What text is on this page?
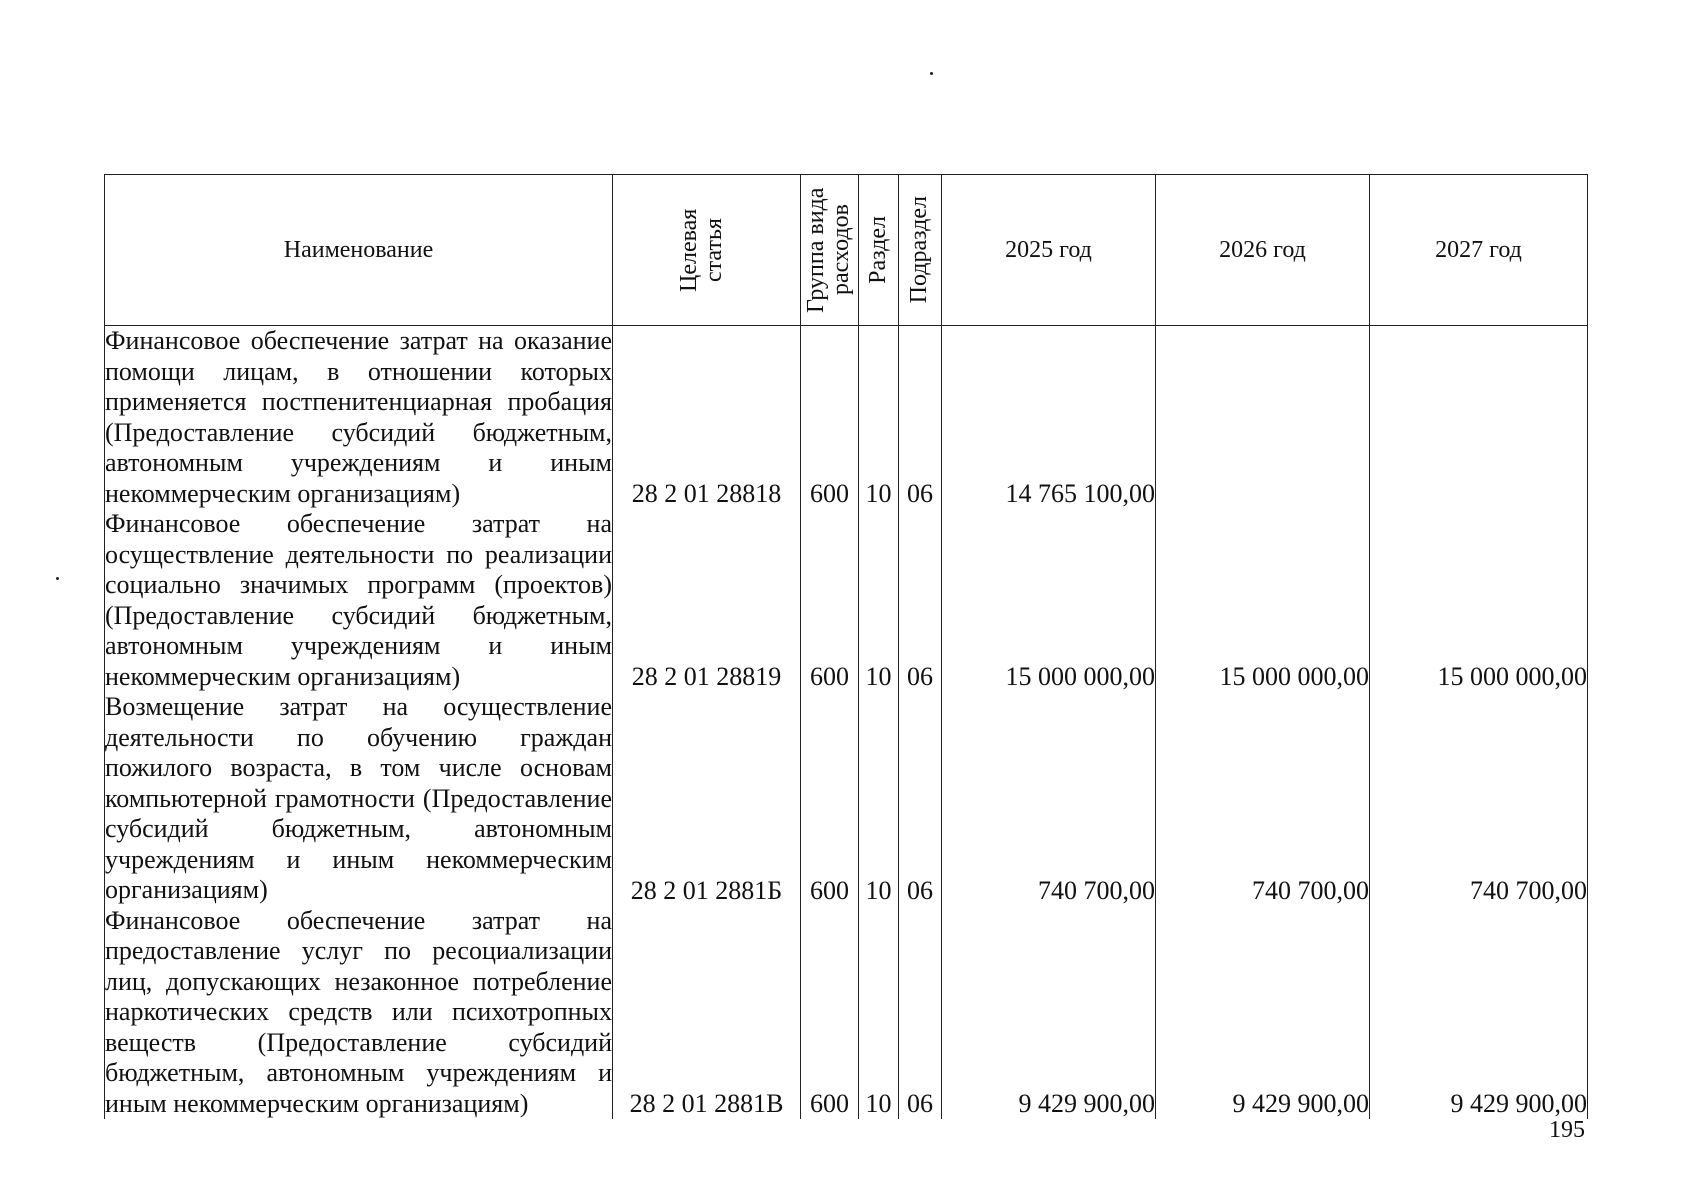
Наименование	Целевая статья	Группа вида расходов	Раздел	Подраздел	2025 год	2026 год	2027 год
Финансовое обеспечение затрат на оказание помощи лицам, в отношении которых применяется постпенитенциарная пробация (Предоставление субсидий бюджетным, автономным учреждениям и иным некоммерческим организациям)	28 2 01 28818	600	10	06	14 765 100,00		
Финансовое обеспечение затрат на осуществление деятельности по реализации социально значимых программ (проектов) (Предоставление субсидий бюджетным, автономным учреждениям и иным некоммерческим организациям)	28 2 01 28819	600	10	06	15 000 000,00	15 000 000,00	15 000 000,00
Возмещение затрат на осуществление деятельности по обучению граждан пожилого возраста, в том числе основам компьютерной грамотности (Предоставление субсидий бюджетным, автономным учреждениям и иным некоммерческим организациям)	28 2 01 2881Б	600	10	06	740 700,00	740 700,00	740 700,00
Финансовое обеспечение затрат на предоставление услуг по ресоциализации лиц, допускающих незаконное потребление наркотических средств или психотропных веществ (Предоставление субсидий бюджетным, автономным учреждениям и иным некоммерческим организациям)	28 2 01 2881В	600	10	06	9 429 900,00	9 429 900,00	9 429 900,00
195
